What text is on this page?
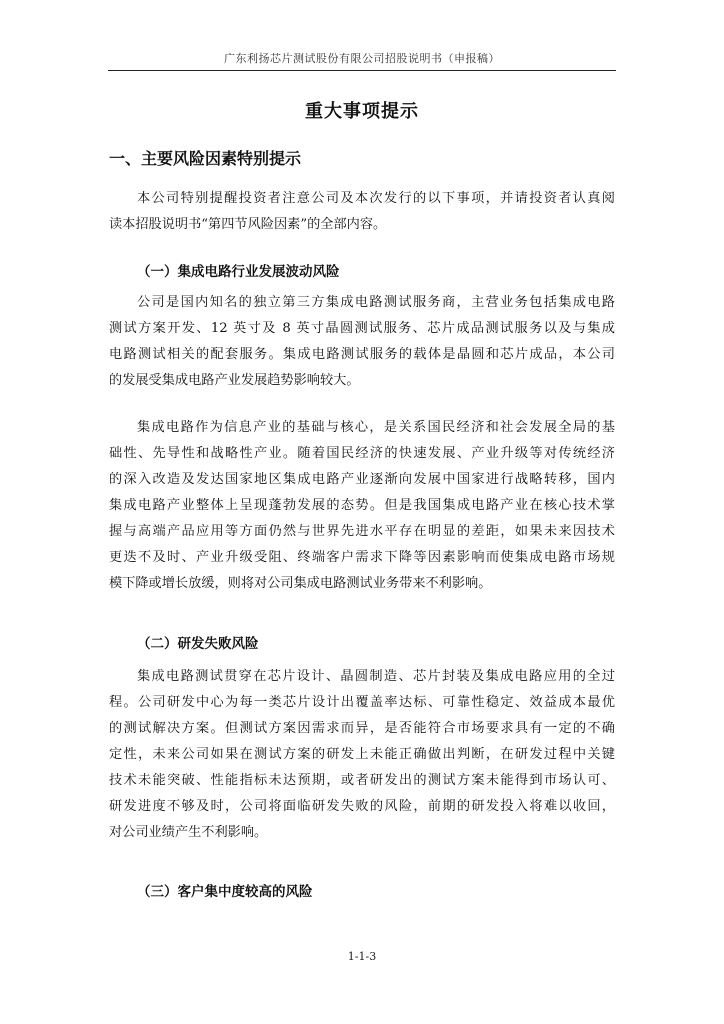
广东利扬芯片测试股份有限公司招股说明书（申报稿）
重大事项提示
一、主要风险因素特别提示

本公司特别提醒投资者注意公司及本次发行的以下事项，并请投资者认真阅
读本招股说明书“第四节风险因素”的全部内容。

（一）集成电路行业发展波动风险

公司是国内知名的独立第三方集成电路测试服务商，主营业务包括集成电路
测试方案开发、12 英寸及 8 英寸晶圆测试服务、芯片成品测试服务以及与集成
电路测试相关的配套服务。集成电路测试服务的载体是晶圆和芯片成品，本公司
的发展受集成电路产业发展趋势影响较大。

集成电路作为信息产业的基础与核心，是关系国民经济和社会发展全局的基
础性、先导性和战略性产业。随着国民经济的快速发展、产业升级等对传统经济
的深入改造及发达国家地区集成电路产业逐渐向发展中国家进行战略转移，国内
集成电路产业整体上呈现蓬勃发展的态势。但是我国集成电路产业在核心技术掌
握与高端产品应用等方面仍然与世界先进水平存在明显的差距，如果未来因技术
更迭不及时、产业升级受阻、终端客户需求下降等因素影响而使集成电路市场规
模下降或增长放缓，则将对公司集成电路测试业务带来不利影响。

（二）研发失败风险

集成电路测试贯穿在芯片设计、晶圆制造、芯片封装及集成电路应用的全过
程。公司研发中心为每一类芯片设计出覆盖率达标、可靠性稳定、效益成本最优
的测试解决方案。但测试方案因需求而异，是否能符合市场要求具有一定的不确
定性，未来公司如果在测试方案的研发上未能正确做出判断，在研发过程中关键
技术未能突破、性能指标未达预期，或者研发出的测试方案未能得到市场认可、
研发进度不够及时，公司将面临研发失败的风险，前期的研发投入将难以收回，
对公司业绩产生不利影响。

（三）客户集中度较高的风险
1-1-3
